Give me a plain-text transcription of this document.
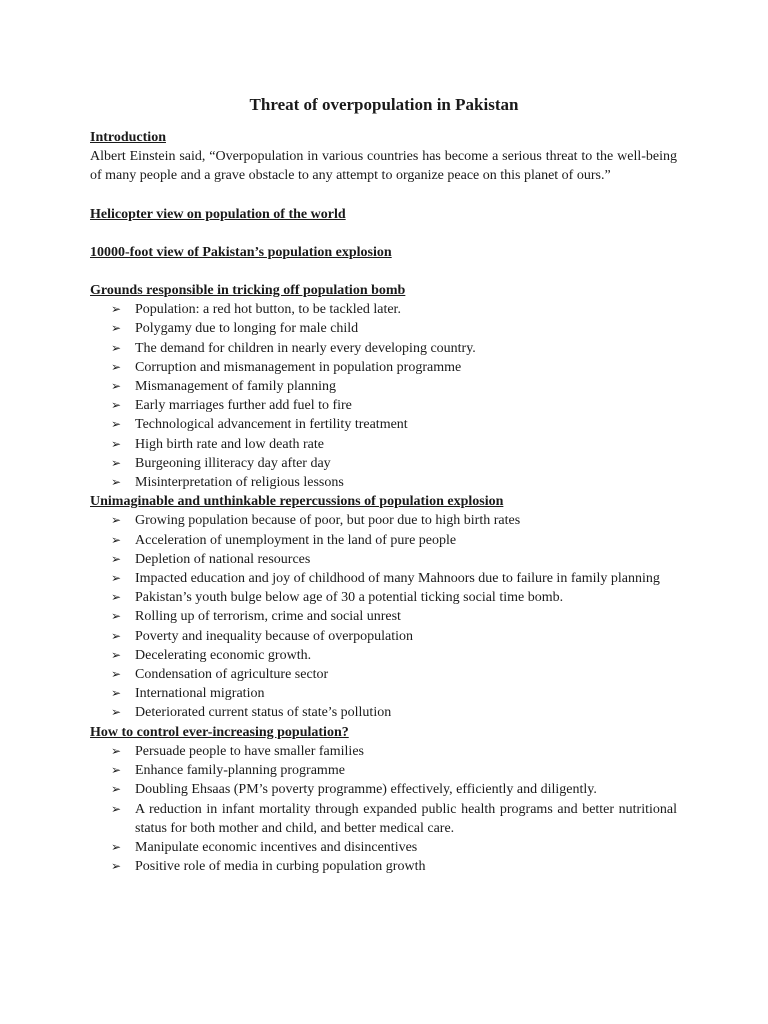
Threat of overpopulation in Pakistan

Introduction

Albert Einstein said, “Overpopulation in various countries has become a serious threat to the well-being of many people and a grave obstacle to any attempt to organize peace on this planet of ours.”

Helicopter view on population of the world

10000-foot view of Pakistan’s population explosion

Grounds responsible in tricking off population bomb

➢ Population: a red hot button, to be tackled later.
➢ Polygamy due to longing for male child
➢ The demand for children in nearly every developing country.
➢ Corruption and mismanagement in population programme
➢ Mismanagement of family planning
➢ Early marriages further add fuel to fire
➢ Technological advancement in fertility treatment
➢ High birth rate and low death rate
➢ Burgeoning illiteracy day after day
➢ Misinterpretation of religious lessons

Unimaginable and unthinkable repercussions of population explosion

➢ Growing population because of poor, but poor due to high birth rates
➢ Acceleration of unemployment in the land of pure people
➢ Depletion of national resources
➢ Impacted education and joy of childhood of many Mahnoors due to failure in family planning
➢ Pakistan’s youth bulge below age of 30 a potential ticking social time bomb.
➢ Rolling up of terrorism, crime and social unrest
➢ Poverty and inequality because of overpopulation
➢ Decelerating economic growth.
➢ Condensation of agriculture sector
➢ International migration
➢ Deteriorated current status of state’s pollution

How to control ever-increasing population?

➢ Persuade people to have smaller families
➢ Enhance family-planning programme
➢ Doubling Ehsaas (PM’s poverty programme) effectively, efficiently and diligently.
➢ A reduction in infant mortality through expanded public health programs and better nutritional status for both mother and child, and better medical care.
➢ Manipulate economic incentives and disincentives
➢ Positive role of media in curbing population growth
